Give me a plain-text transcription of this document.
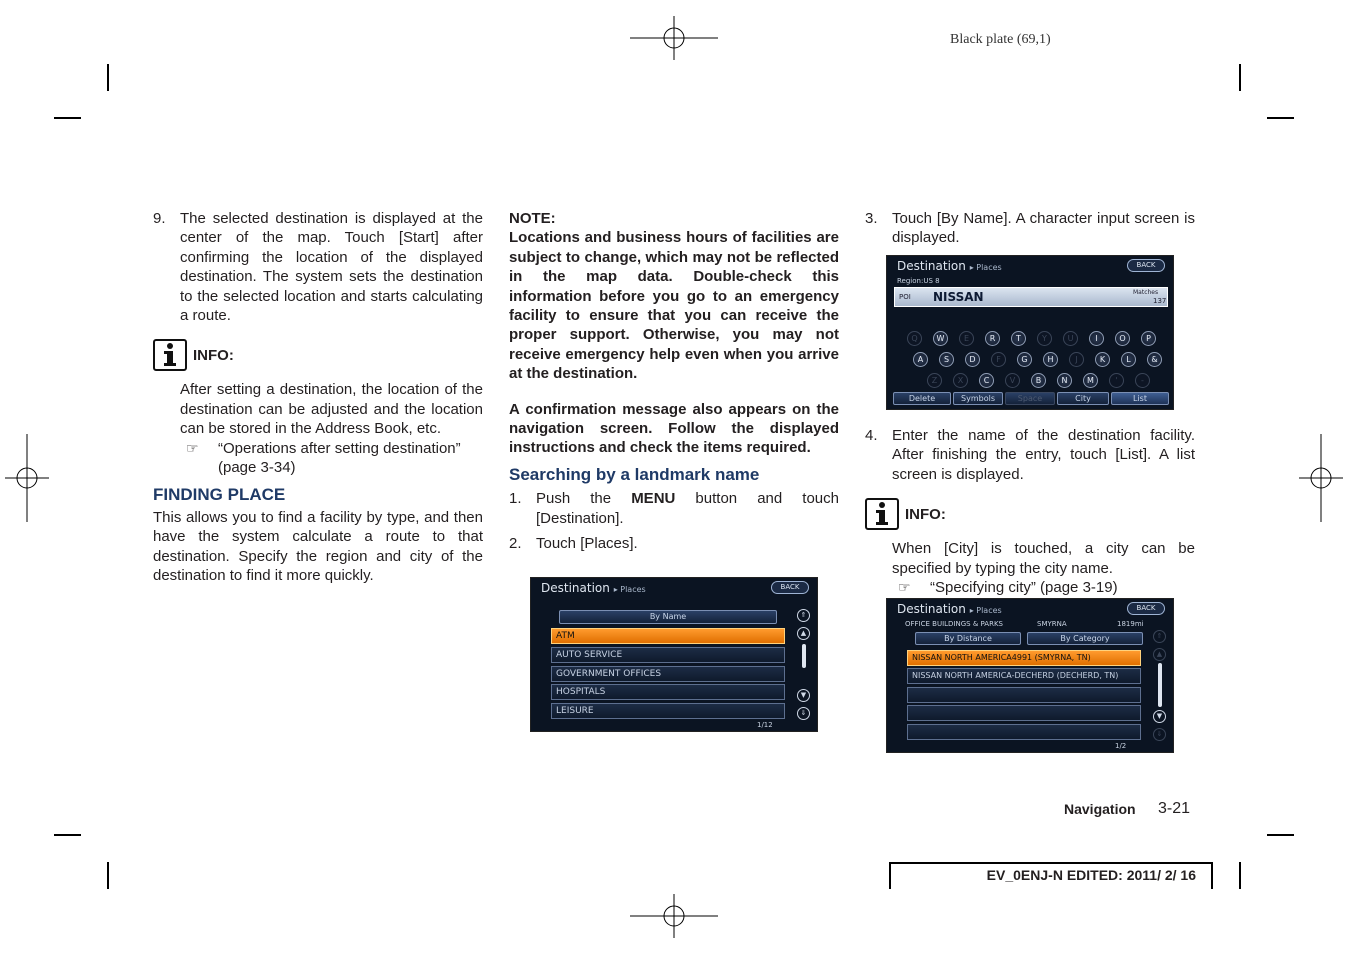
Black plate (69,1)
9. The selected destination is displayed at the center of the map. Touch [Start] after confirming the location of the displayed destination. The system sets the destination to the selected location and starts calculating a route.
INFO:
After setting a destination, the location of the destination can be adjusted and the location can be stored in the Address Book, etc.
☞	“Operations after setting destination” (page 3-34)
FINDING PLACE
This allows you to find a facility by type, and then have the system calculate a route to that destination. Specify the region and city of the destination to find it more quickly.
NOTE:
Locations and business hours of facilities are subject to change, which may not be reflected in the map data. Double-check this information before you go to an emergency facility to ensure that you can receive the proper support. Otherwise, you may not receive emergency help even when you arrive at the destination.
A confirmation message also appears on the navigation screen. Follow the displayed instructions and check the items required.
Searching by a landmark name
1. Push the MENU button and touch [Destination].
2. Touch [Places].
Destination ▸ Places	BACK
By Name
ATM
AUTO SERVICE
GOVERNMENT OFFICES
HOSPITALS
LEISURE
⇑
▲
▼
⇓
1/12
3. Touch [By Name]. A character input screen is displayed.
Destination ▸ Places	BACK
Region:US 8
POI NISSAN	Matches
137
Q	W	E	R	T	Y	U	I	O	P
A	S	D	F	G	H	J	K	L	&
Z	X	C	V	B	N	M	'	-
Delete	Symbols	Space	City	List
4. Enter the name of the destination facility. After finishing the entry, touch [List]. A list screen is displayed.
INFO:
When [City] is touched, a city can be specified by typing the city name.
☞	“Specifying city” (page 3-19)
Destination ▸ Places	BACK
OFFICE BUILDINGS & PARKS	SMYRNA	1819mi
By Distance	By Category
NISSAN NORTH AMERICA4991 (SMYRNA, TN)
NISSAN NORTH AMERICA-DECHERD (DECHERD, TN)
⇑
▲
▼
⇓
1/2
Navigation 3-21
EV_0ENJ-N EDITED: 2011/ 2/ 16
